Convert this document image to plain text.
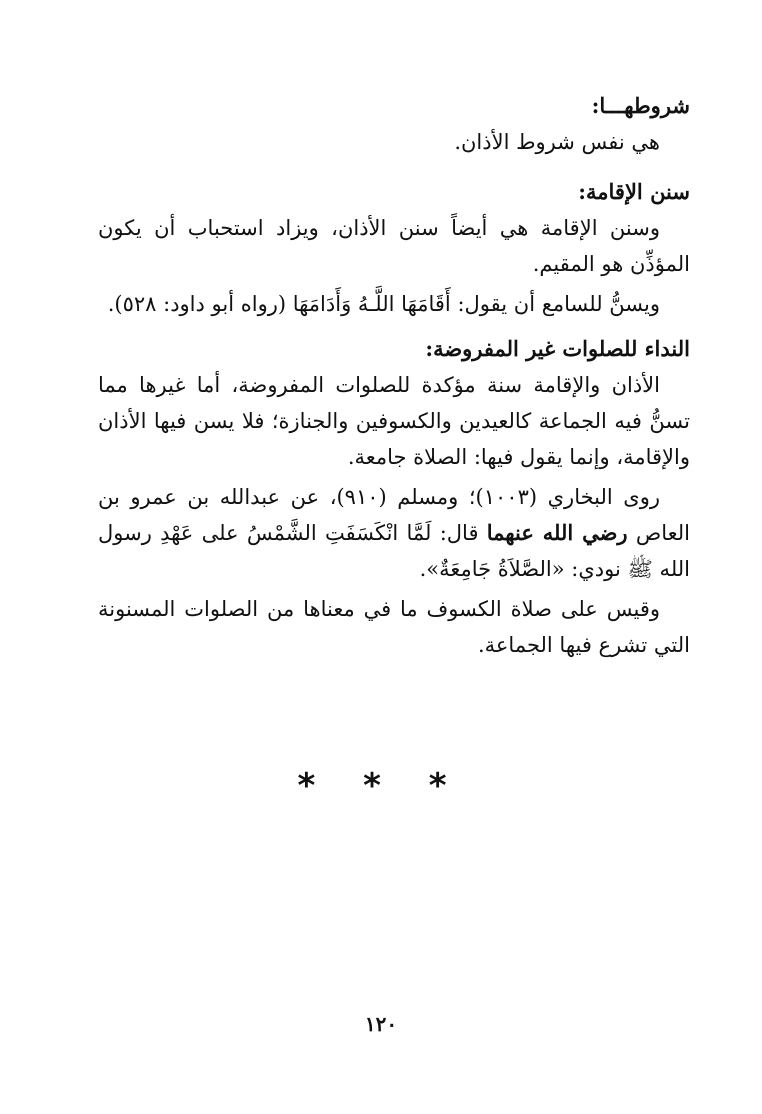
شروطهـــا:

هي نفس شروط الأذان.

سنن الإقامة:

وسنن الإقامة هي أيضاً سنن الأذان، ويزاد استحباب أن يكون المؤذِّن هو المقيم.

ويسنُّ للسامع أن يقول: أَقَامَهَا اللَّـهُ وَأَدَامَهَا (رواه أبو داود: ٥٢٨).

النداء للصلوات غير المفروضة:

الأذان والإقامة سنة مؤكدة للصلوات المفروضة، أما غيرها مما تسنُّ فيه الجماعة كالعيدين والكسوفين والجنازة؛ فلا يسن فيها الأذان والإقامة، وإنما يقول فيها: الصلاة جامعة.

روى البخاري (١٠٠٣)؛ ومسلم (٩١٠)، عن عبدالله بن عمرو بن العاص رضي الله عنهما قال: لَمَّا انْكَسَفَتِ الشَّمْسُ على عَهْدِ رسول الله ﷺ نودي: «الصَّلاَةُ جَامِعَةٌ».

وقيس على صلاة الكسوف ما في معناها من الصلوات المسنونة التي تشرع فيها الجماعة.

* * *
١٢٠
